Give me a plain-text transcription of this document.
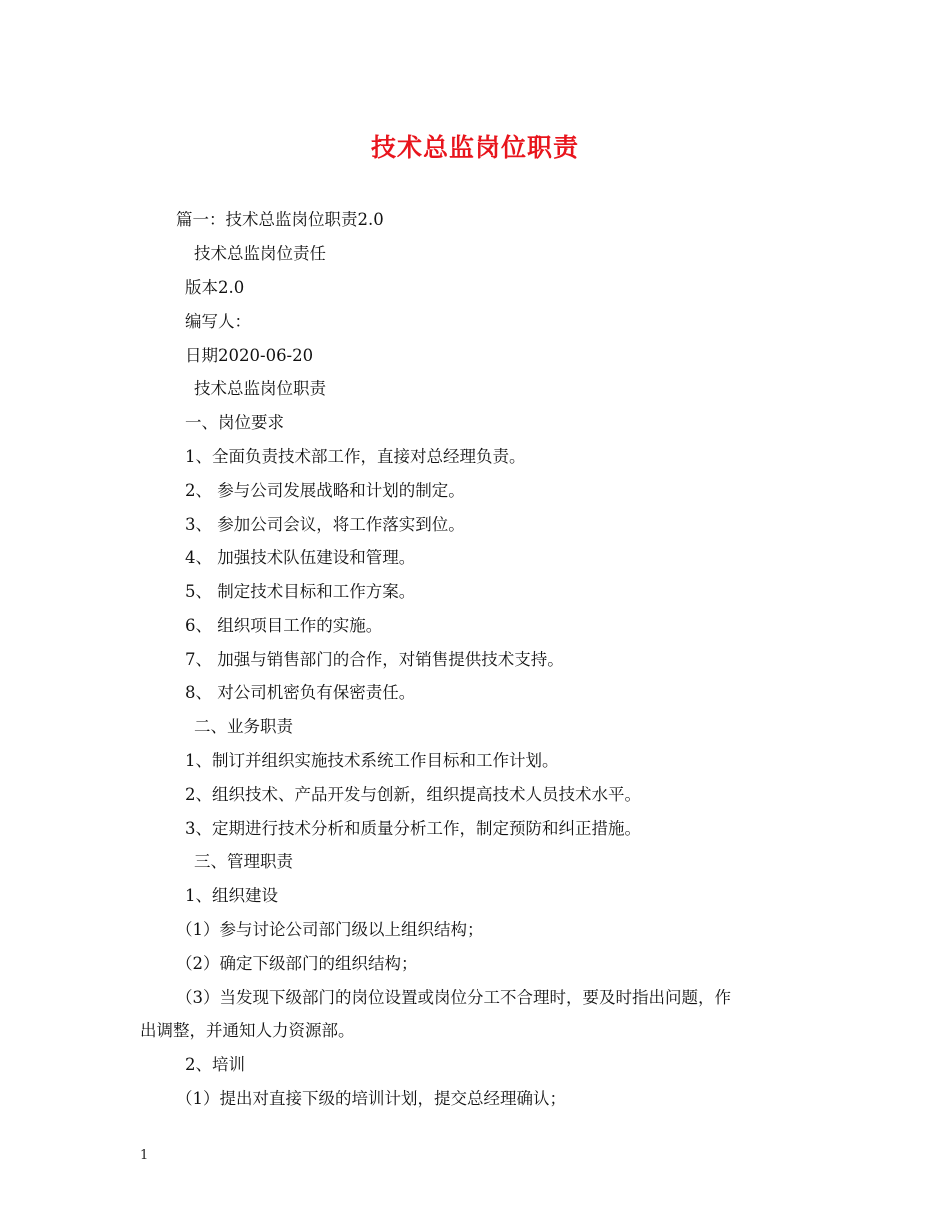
技术总监岗位职责
篇一：技术总监岗位职责2.0
技术总监岗位责任
版本2.0
编写人：
日期2020-06-20
技术总监岗位职责
一、岗位要求
1、全面负责技术部工作，直接对总经理负责。
2、 参与公司发展战略和计划的制定。
3、 参加公司会议，将工作落实到位。
4、 加强技术队伍建设和管理。
5、 制定技术目标和工作方案。
6、 组织项目工作的实施。
7、 加强与销售部门的合作，对销售提供技术支持。
8、 对公司机密负有保密责任。
二、业务职责
1、制订并组织实施技术系统工作目标和工作计划。
2、组织技术、产品开发与创新，组织提高技术人员技术水平。
3、定期进行技术分析和质量分析工作，制定预防和纠正措施。
三、管理职责
1、组织建设
（1）参与讨论公司部门级以上组织结构；
（2）确定下级部门的组织结构；
（3）当发现下级部门的岗位设置或岗位分工不合理时，要及时指出问题，作
出调整，并通知人力资源部。
2、培训
（1）提出对直接下级的培训计划，提交总经理确认；
1
